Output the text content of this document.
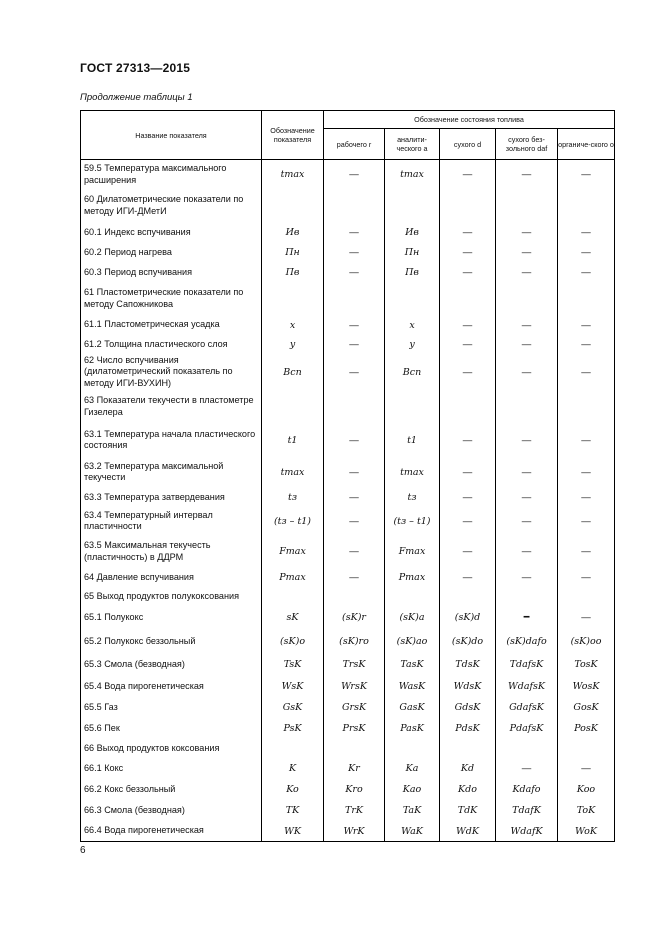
ГОСТ 27313—2015
Продолжение таблицы 1
Название показателя	Обозначение показателя	Обозначение состояния топлива				
		рабочего r	аналити-ческого a	сухого d	сухого без-зольного daf	органиче-ского o
59.5 Температура максимального расширения	tmax	—	tmax	—	—	—
60 Дилатометрические показатели по методу ИГИ-ДМетИ						
60.1 Индекс вспучивания	Ив	—	Ив	—	—	—
60.2 Период нагрева	Пн	—	Пн	—	—	—
60.3 Период вспучивания	Пв	—	Пв	—	—	—
61 Пластометрические показатели по методу Сапожникова						
61.1 Пластометрическая усадка	x	—	x	—	—	—
61.2 Толщина пластического слоя	y	—	y	—	—	—
62 Число вспучивания (дилатометрический показатель по методу ИГИ-ВУХИН)	Всп	—	Всп	—	—	—
63 Показатели текучести в пластометре Гизелера						
63.1 Температура начала пластического состояния	t1	—	t1	—	—	—
63.2 Температура максимальной текучести	tmax	—	tmax	—	—	—
63.3 Температура затвердевания	tз	—	tз	—	—	—
63.4 Температурный интервал пластичности	(tз – t1)	—	(tз – t1)	—	—	—
63.5 Максимальная текучесть (пластичность) в ДДРМ	Fmax	—	Fmax	—	—	—
64 Давление вспучивания	Pmax	—	Pmax	—	—	—
65 Выход продуктов полукоксования						
65.1 Полукокс	sK	(sK)r	(sK)a	(sK)d	━	—
65.2 Полукокс беззольный	(sK)o	(sK)ro	(sK)ao	(sK)do	(sK)dafo	(sK)oo
65.3 Смола (безводная)	TsK	TrsK	TasK	TdsK	TdafsK	TosK
65.4 Вода пирогенетическая	WsK	WrsK	WasK	WdsK	WdafsK	WosK
65.5 Газ	GsK	GrsK	GasK	GdsK	GdafsK	GosK
65.6 Пек	PsK	PrsK	PasK	PdsK	PdafsK	PosK
66 Выход продуктов коксования						
66.1 Кокс	K	Kr	Ka	Kd	—	—
66.2 Кокс беззольный	Ko	Kro	Kao	Kdo	Kdafo	Koo
66.3 Смола (безводная)	TK	TrK	TaK	TdK	TdafK	ToK
66.4 Вода пирогенетическая	WK	WrK	WaK	WdK	WdafK	WoK
6
